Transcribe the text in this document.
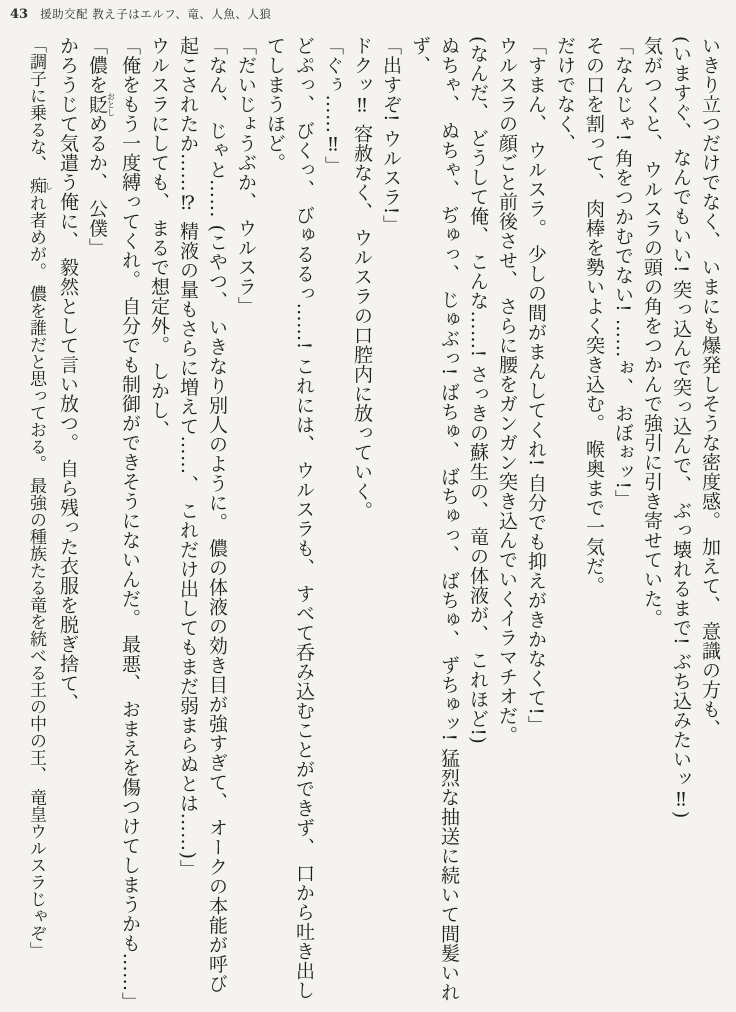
43 援助交配 教え子はエルフ、竜、人魚、人狼

いきり立つだけでなく、 いまにも爆発しそうな密度感。 加えて、 意識の方も、

(いますぐ、 なんでもいい! 突っ込んで突っ込んで、 ぶっ壊れるまで! ぶち込みたいッ‼)

気がつくと、 ウルスラの頭の角をつかんで強引に引き寄せていた。

「なんじゃ! 角をつかむでない! ……ぉ、 おぼぉッ!」

その口を割って、 肉棒を勢いよく突き込む。 喉奥まで一気だ。

だけでなく、

「すまん、 ウルスラ。 少しの間がまんしてくれ! 自分でも抑えがきかなくて!」

ウルスラの顔ごと前後させ、 さらに腰をガンガン突き込んでいくイラマチオだ。

(なんだ、 どうして俺、 こんな……! さっきの蘇生の、 竜の体液が、 これほど!)

ぬちゃ、 ぬちゃ、 ぢゅっ、 じゅぶっ! ばちゅ、 ばちゅっ、 ばちゅ、 ずちゅッ! 猛烈な抽送に続いて間髪いれず、

「出すぞ! ウルスラ!」

ドクッ‼ 容赦なく、 ウルスラの口腔内に放っていく。

「ぐぅ……‼」

どぷっ、 びくっ、 びゅるるっ……! これには、 ウルスラも、 すべて呑み込むことができず、 口から吐き出してしまうほど。

「だいじょうぶか、 ウルスラ」

「なん、 じゃと…… (こやつ、 いきなり別人のように。 儂の体液の効き目が強すぎて、 オークの本能が呼び起こされたか……⁉ 精液の量もさらに増えて……、 これだけ出してもまだ弱まらぬとは……)」

ウルスラにしても、 まるで想定外。 しかし、

「俺をもう一度縛ってくれ。 自分でも制御ができそうにないんだ。 最悪、 おまえを傷つけてしまうかも……」

「儂を貶おとしめるか、 公僕」

かろうじて気遣う俺に、 毅然として言い放つ。 自ら残った衣服を脱ぎ捨て、

「調子に乗るな、 痴しれ者めが。 儂を誰だと思っておる。 最強の種族たる竜を統べる王の中の王、 竜皇ウルスラじゃぞ」
